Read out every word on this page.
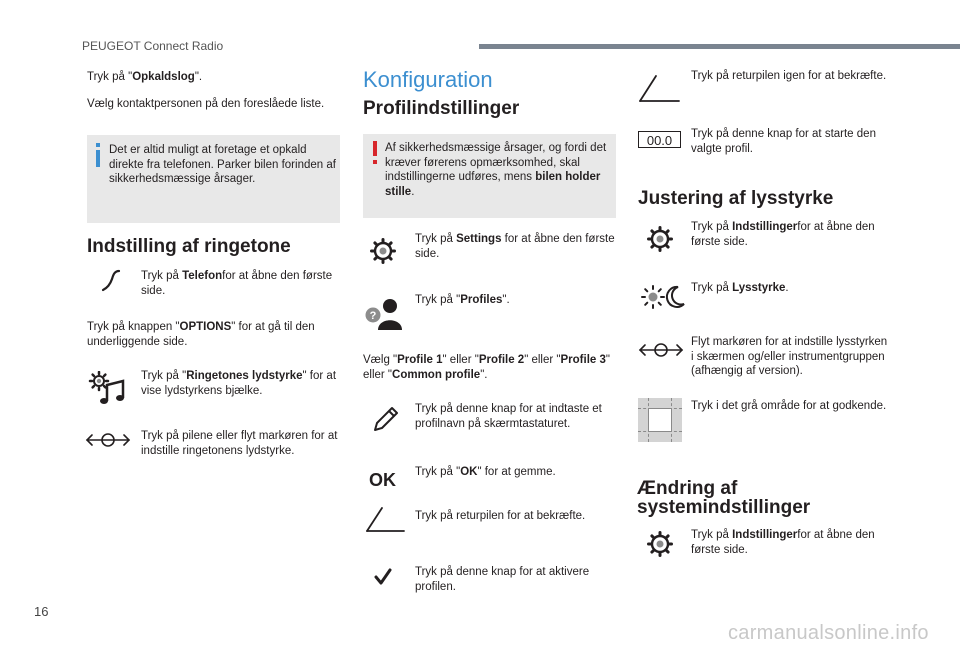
PEUGEOT Connect Radio
Tryk på "Opkaldslog".
Vælg kontaktpersonen på den foreslåede liste.
Det er altid muligt at foretage et opkald direkte fra telefonen. Parker bilen forinden af sikkerhedsmæssige årsager.
Indstilling af ringetone
Tryk på Telefonfor at åbne den første side.
Tryk på knappen "OPTIONS" for at gå til den underliggende side.
Tryk på "Ringetones lydstyrke" for at vise lydstyrkens bjælke.
Tryk på pilene eller flyt markøren for at indstille ringetonens lydstyrke.
Konfiguration
Profilindstillinger
Af sikkerhedsmæssige årsager, og fordi det kræver førerens opmærksomhed, skal indstillingerne udføres, mens bilen holder stille.
Tryk på Settings for at åbne den første side.
?
Tryk på "Profiles".
Vælg "Profile 1" eller "Profile 2" eller "Profile 3" eller "Common profile".
Tryk på denne knap for at indtaste et profilnavn på skærmtastaturet.
OK Tryk på "OK" for at gemme.
Tryk på returpilen for at bekræfte.
Tryk på denne knap for at aktivere profilen.
Tryk på returpilen igen for at bekræfte.
00.0	Tryk på denne knap for at starte den valgte profil.
Justering af lysstyrke
Tryk på Indstillingerfor at åbne den første side.
Tryk på Lysstyrke.
Flyt markøren for at indstille lysstyrken i skærmen og/eller instrumentgruppen (afhængig af version).
Tryk i det grå område for at godkende.
Ændring af
systemindstillinger
Tryk på Indstillingerfor at åbne den første side.
16
carmanualsonline.info
